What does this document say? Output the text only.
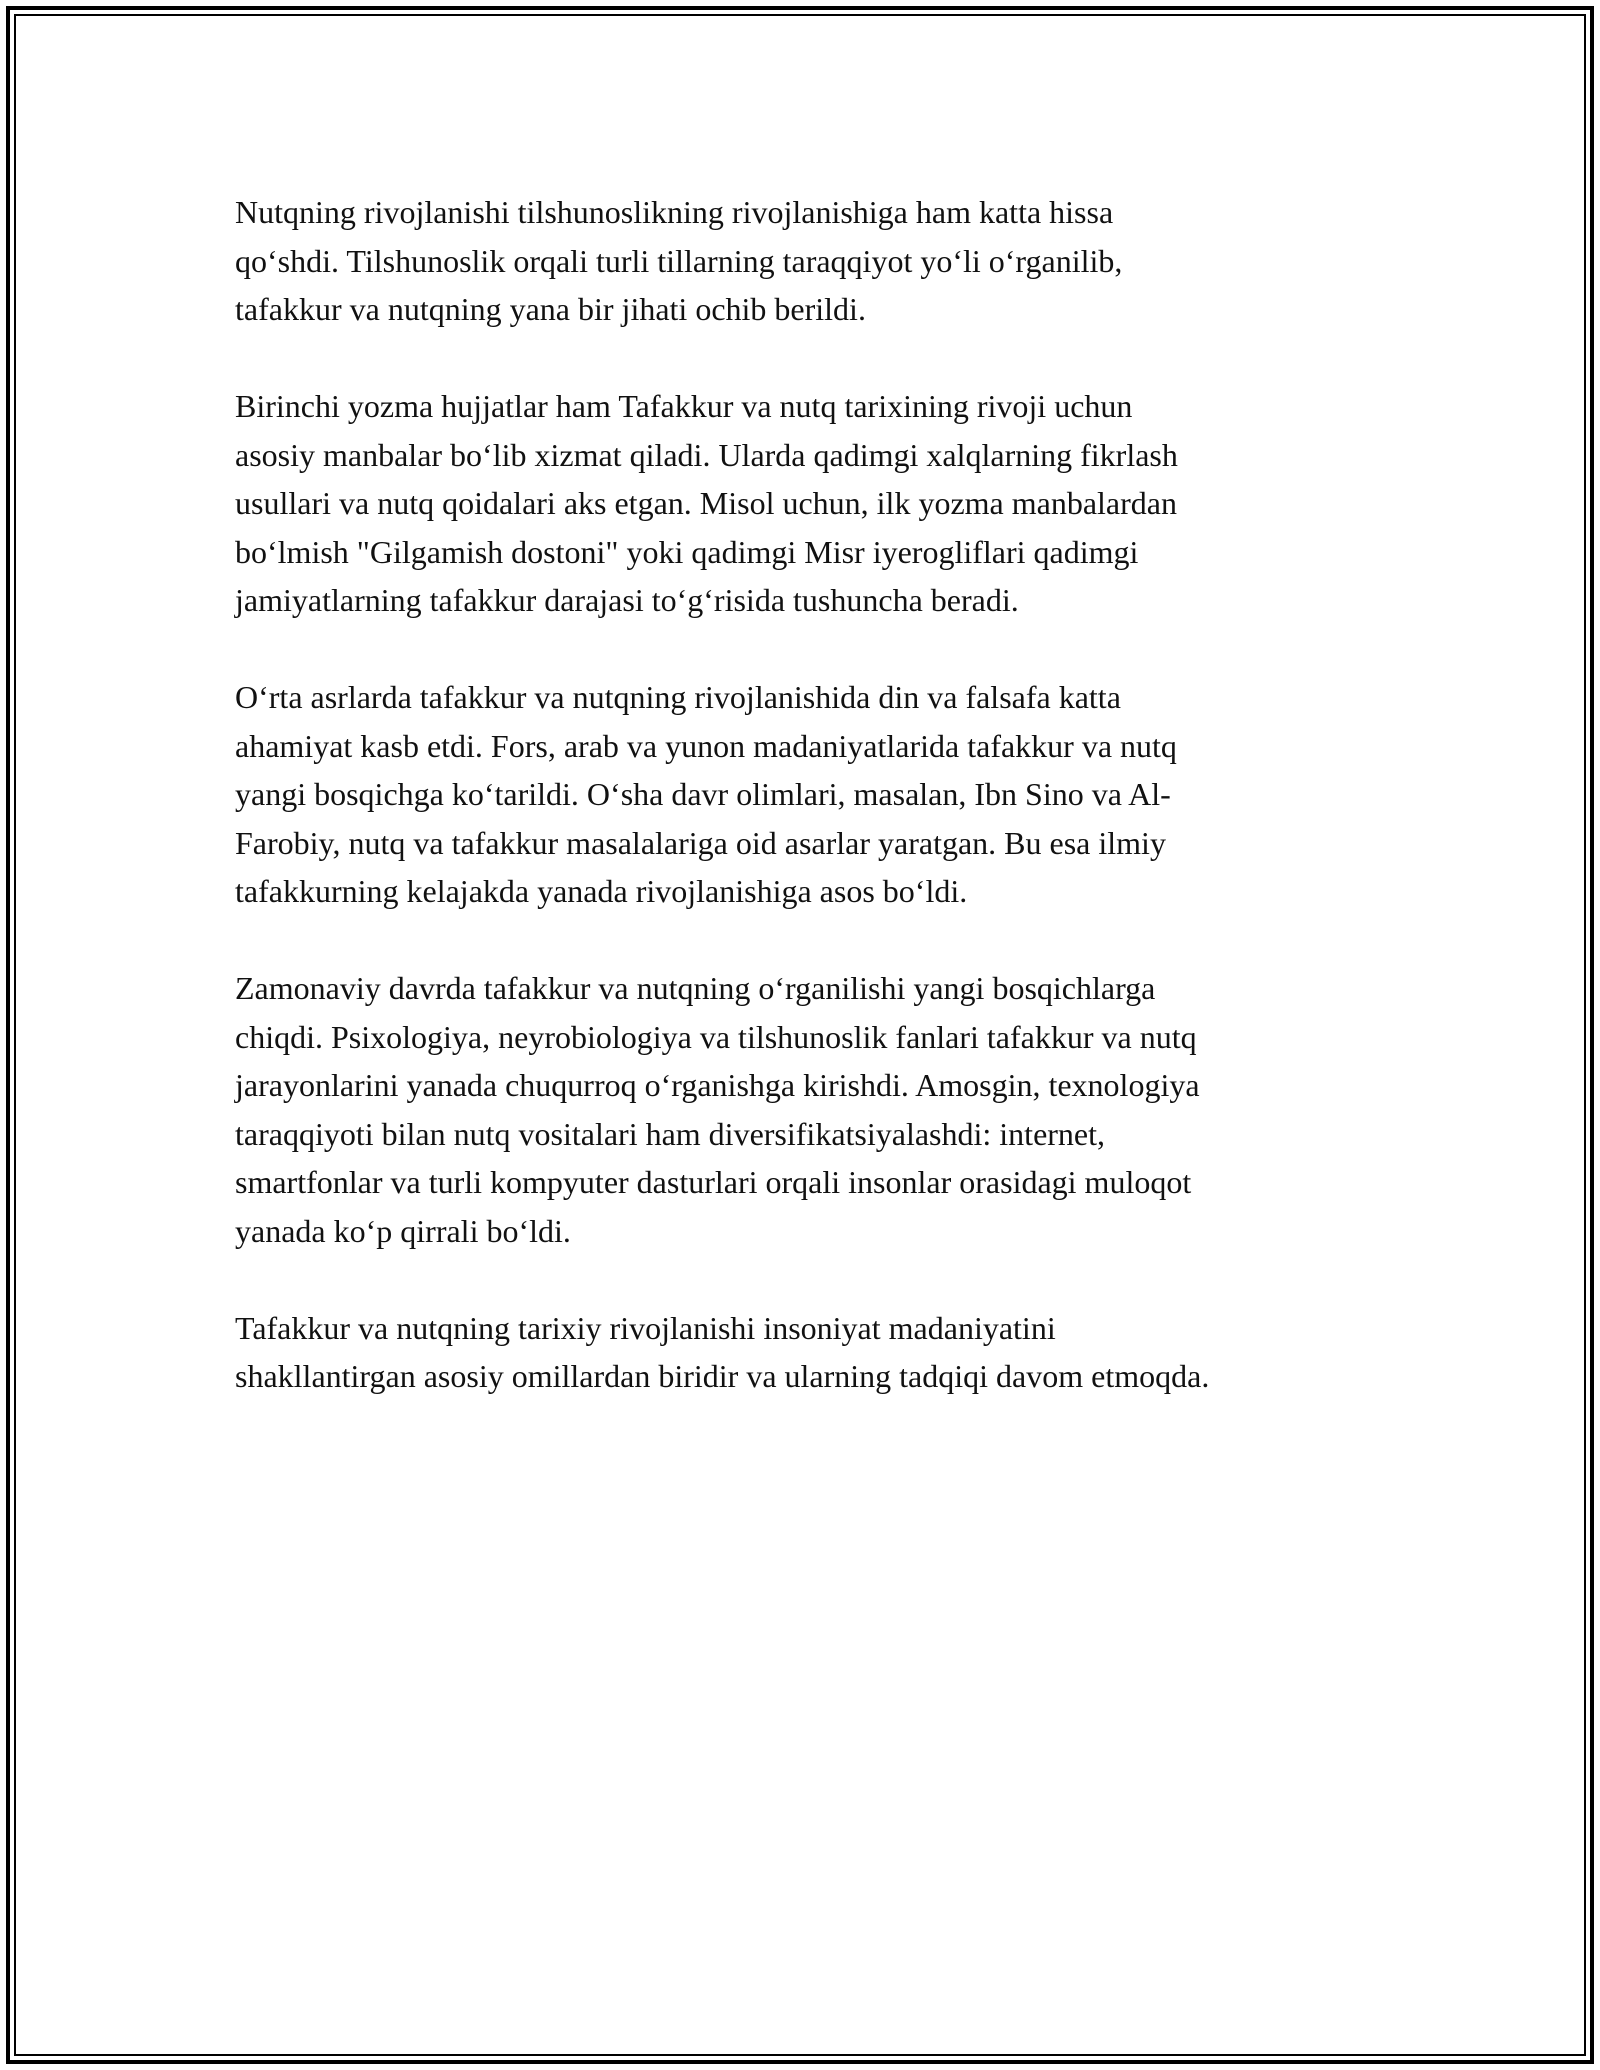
Nutqning rivojlanishi tilshunoslikning rivojlanishiga ham katta hissa
qo‘shdi. Tilshunoslik orqali turli tillarning taraqqiyot yo‘li o‘rganilib,
tafakkur va nutqning yana bir jihati ochib berildi.

Birinchi yozma hujjatlar ham Tafakkur va nutq tarixining rivoji uchun
asosiy manbalar bo‘lib xizmat qiladi. Ularda qadimgi xalqlarning fikrlash
usullari va nutq qoidalari aks etgan. Misol uchun, ilk yozma manbalardan
bo‘lmish "Gilgamish dostoni" yoki qadimgi Misr iyerogliflari qadimgi
jamiyatlarning tafakkur darajasi to‘g‘risida tushuncha beradi.

O‘rta asrlarda tafakkur va nutqning rivojlanishida din va falsafa katta
ahamiyat kasb etdi. Fors, arab va yunon madaniyatlarida tafakkur va nutq
yangi bosqichga ko‘tarildi. O‘sha davr olimlari, masalan, Ibn Sino va Al-
Farobiy, nutq va tafakkur masalalariga oid asarlar yaratgan. Bu esa ilmiy
tafakkurning kelajakda yanada rivojlanishiga asos bo‘ldi.

Zamonaviy davrda tafakkur va nutqning o‘rganilishi yangi bosqichlarga
chiqdi. Psixologiya, neyrobiologiya va tilshunoslik fanlari tafakkur va nutq
jarayonlarini yanada chuqurroq o‘rganishga kirishdi. Amosgin, texnologiya
taraqqiyoti bilan nutq vositalari ham diversifikatsiyalashdi: internet,
smartfonlar va turli kompyuter dasturlari orqali insonlar orasidagi muloqot
yanada ko‘p qirrali bo‘ldi.

Tafakkur va nutqning tarixiy rivojlanishi insoniyat madaniyatini
shakllantirgan asosiy omillardan biridir va ularning tadqiqi davom etmoqda.
